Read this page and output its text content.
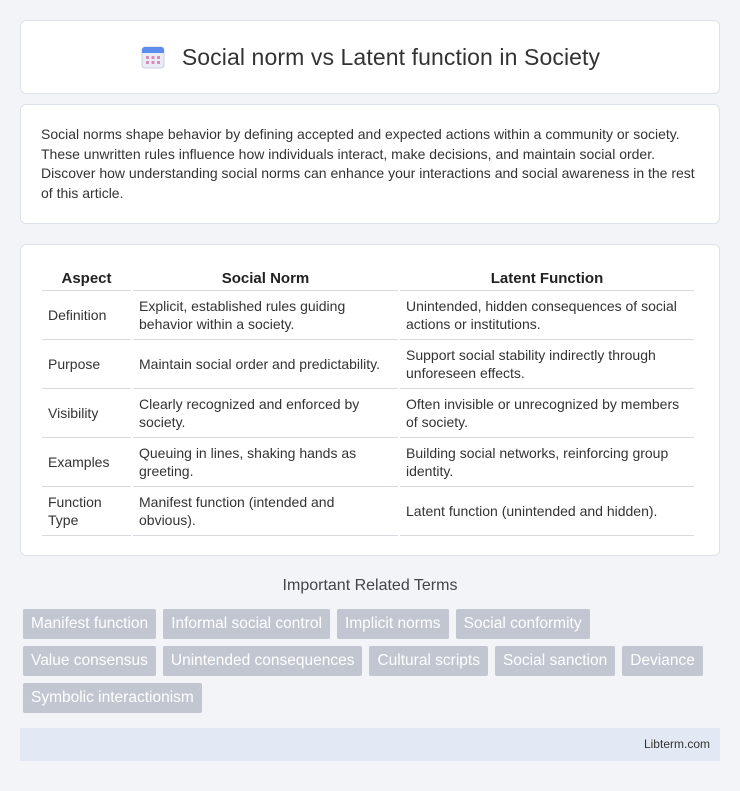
Social norm vs Latent function in Society

Social norms shape behavior by defining accepted and expected actions within a community or society. These unwritten rules influence how individuals interact, make decisions, and maintain social order. Discover how understanding social norms can enhance your interactions and social awareness in the rest of this article.

Aspect	Social Norm	Latent Function
Definition	Explicit, established rules guiding behavior within a society.	Unintended, hidden consequences of social actions or institutions.
Purpose	Maintain social order and predictability.	Support social stability indirectly through unforeseen effects.
Visibility	Clearly recognized and enforced by society.	Often invisible or unrecognized by members of society.
Examples	Queuing in lines, shaking hands as greeting.	Building social networks, reinforcing group identity.
Function Type	Manifest function (intended and obvious).	Latent function (unintended and hidden).
Important Related Terms
Manifest function	Informal social control	Implicit norms	Social conformity
Value consensus	Unintended consequences	Cultural scripts	Social sanction	Deviance
Symbolic interactionism
Libterm.com
